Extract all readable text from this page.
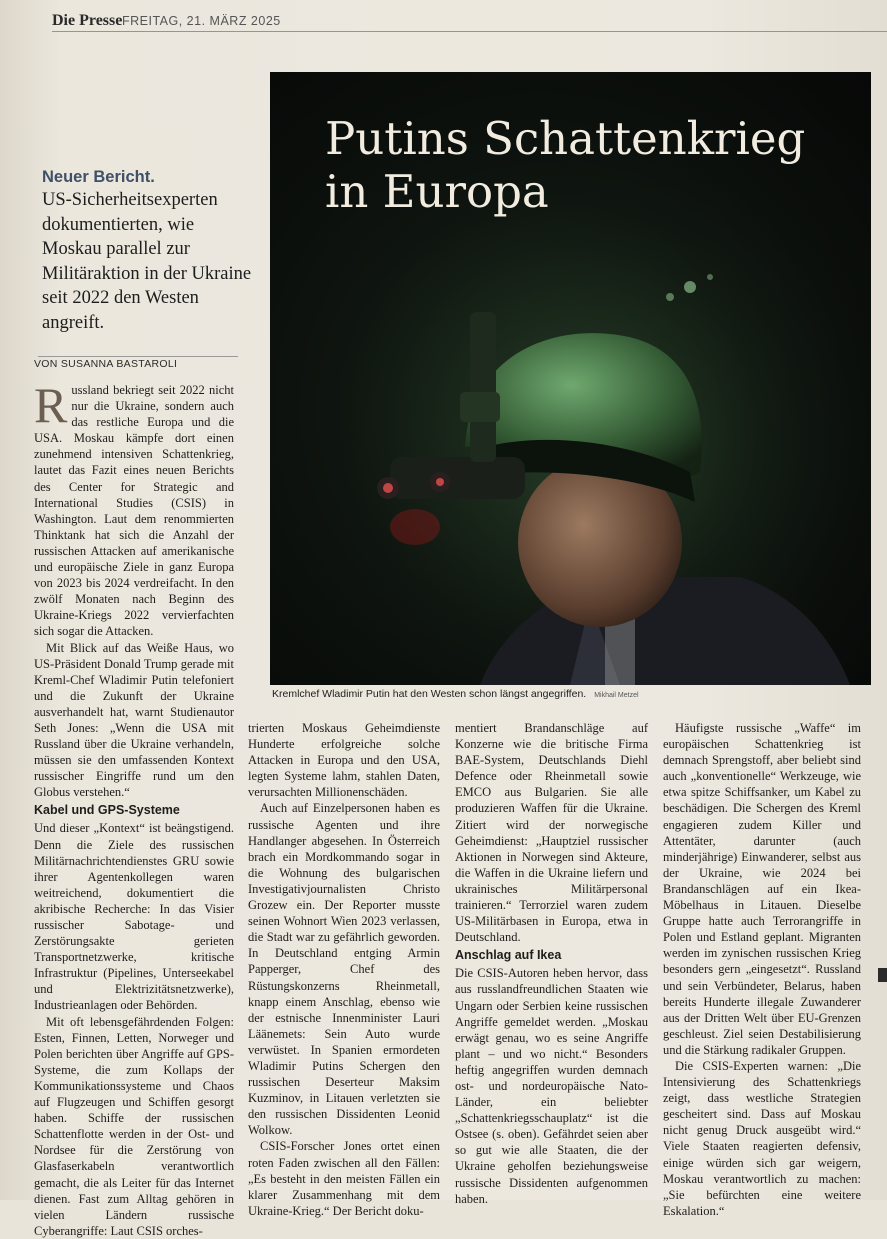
Die Presse FREITAG, 21. MÄRZ 2025
Putins Schattenkrieg
in Europa
Kremlchef Wladimir Putin hat den Westen schon längst angegriffen. Mikhail Metzel
Neuer Bericht.
US-Sicherheitsexperten dokumentierten, wie Moskau parallel zur Militäraktion in der Ukraine seit 2022 den Westen angreift.
VON SUSANNA BASTAROLI

Russland bekriegt seit 2022 nicht nur die Ukraine, sondern auch das restliche Europa und die USA. Moskau kämpfe dort einen zunehmend intensiven Schattenkrieg, lautet das Fazit eines neuen Berichts des Center for Strategic and International Studies (CSIS) in Washington. Laut dem renommierten Thinktank hat sich die Anzahl der russischen Attacken auf amerikanische und europäische Ziele in ganz Europa von 2023 bis 2024 verdreifacht. In den zwölf Monaten nach Beginn des Ukraine-Kriegs 2022 vervierfachten sich sogar die Attacken.

Mit Blick auf das Weiße Haus, wo US-Präsident Donald Trump gerade mit Kreml-Chef Wladimir Putin telefoniert und die Zukunft der Ukraine ausverhandelt hat, warnt Studienautor Seth Jones: „Wenn die USA mit Russland über die Ukraine verhandeln, müssen sie den umfassenden Kontext russischer Eingriffe rund um den Globus verstehen.“

Kabel und GPS-Systeme

Und dieser „Kontext“ ist beängstigend. Denn die Ziele des russischen Militärnachrichtendienstes GRU sowie ihrer Agentenkollegen waren weitreichend, dokumentiert die akribische Recherche: In das Visier russischer Sabotage- und Zerstörungsakte gerieten Transportnetzwerke, kritische Infrastruktur (Pipelines, Unterseekabel und Elektrizitätsnetzwerke), Industrieanlagen oder Behörden.

Mit oft lebensgefährdenden Folgen: Esten, Finnen, Letten, Norweger und Polen berichten über Angriffe auf GPS-Systeme, die zum Kollaps der Kommunikationssysteme und Chaos auf Flugzeugen und Schiffen gesorgt haben. Schiffe der russischen Schattenflotte werden in der Ost- und Nordsee für die Zerstörung von Glasfaserkabeln verantwortlich gemacht, die als Leiter für das Internet dienen. Fast zum Alltag gehören in vielen Ländern russische Cyberangriffe: Laut CSIS orches-

trierten Moskaus Geheimdienste Hunderte erfolgreiche solche Attacken in Europa und den USA, legten Systeme lahm, stahlen Daten, verursachten Millionenschäden.

Auch auf Einzelpersonen haben es russische Agenten und ihre Handlanger abgesehen. In Österreich brach ein Mordkommando sogar in die Wohnung des bulgarischen Investigativjournalisten Christo Grozew ein. Der Reporter musste seinen Wohnort Wien 2023 verlassen, die Stadt war zu gefährlich geworden. In Deutschland entging Armin Papperger, Chef des Rüstungskonzerns Rheinmetall, knapp einem Anschlag, ebenso wie der estnische Innenminister Lauri Läänemets: Sein Auto wurde verwüstet. In Spanien ermordeten Wladimir Putins Schergen den russischen Deserteur Maksim Kuzminov, in Litauen verletzten sie den russischen Dissidenten Leonid Wolkow.

CSIS-Forscher Jones ortet einen roten Faden zwischen all den Fällen: „Es besteht in den meisten Fällen ein klarer Zusammenhang mit dem Ukraine-Krieg.“ Der Bericht doku-

mentiert Brandanschläge auf Konzerne wie die britische Firma BAE-System, Deutschlands Diehl Defence oder Rheinmetall sowie EMCO aus Bulgarien. Sie alle produzieren Waffen für die Ukraine. Zitiert wird der norwegische Geheimdienst: „Hauptziel russischer Aktionen in Norwegen sind Akteure, die Waffen in die Ukraine liefern und ukrainisches Militärpersonal trainieren.“ Terrorziel waren zudem US-Militärbasen in Europa, etwa in Deutschland.

Anschlag auf Ikea

Die CSIS-Autoren heben hervor, dass aus russlandfreundlichen Staaten wie Ungarn oder Serbien keine russischen Angriffe gemeldet werden. „Moskau erwägt genau, wo es seine Angriffe plant – und wo nicht.“ Besonders heftig angegriffen wurden demnach ost- und nordeuropäische Nato-Länder, ein beliebter „Schattenkriegsschauplatz“ ist die Ostsee (s. oben). Gefährdet seien aber so gut wie alle Staaten, die der Ukraine geholfen beziehungsweise russische Dissidenten aufgenommen haben.

Häufigste russische „Waffe“ im europäischen Schattenkrieg ist demnach Sprengstoff, aber beliebt sind auch „konventionelle“ Werkzeuge, wie etwa spitze Schiffsanker, um Kabel zu beschädigen. Die Schergen des Kreml engagieren zudem Killer und Attentäter, darunter (auch minderjährige) Einwanderer, selbst aus der Ukraine, wie 2024 bei Brandanschlägen auf ein Ikea-Möbelhaus in Litauen. Dieselbe Gruppe hatte auch Terrorangriffe in Polen und Estland geplant. Migranten werden im zynischen russischen Krieg besonders gern „eingesetzt“. Russland und sein Verbündeter, Belarus, haben bereits Hunderte illegale Zuwanderer aus der Dritten Welt über EU-Grenzen geschleust. Ziel seien Destabilisierung und die Stärkung radikaler Gruppen.

Die CSIS-Experten warnen: „Die Intensivierung des Schattenkriegs zeigt, dass westliche Strategien gescheitert sind. Dass auf Moskau nicht genug Druck ausgeübt wird.“ Viele Staaten reagierten defensiv, einige würden sich gar weigern, Moskau verantwortlich zu machen: „Sie befürchten eine weitere Eskalation.“
